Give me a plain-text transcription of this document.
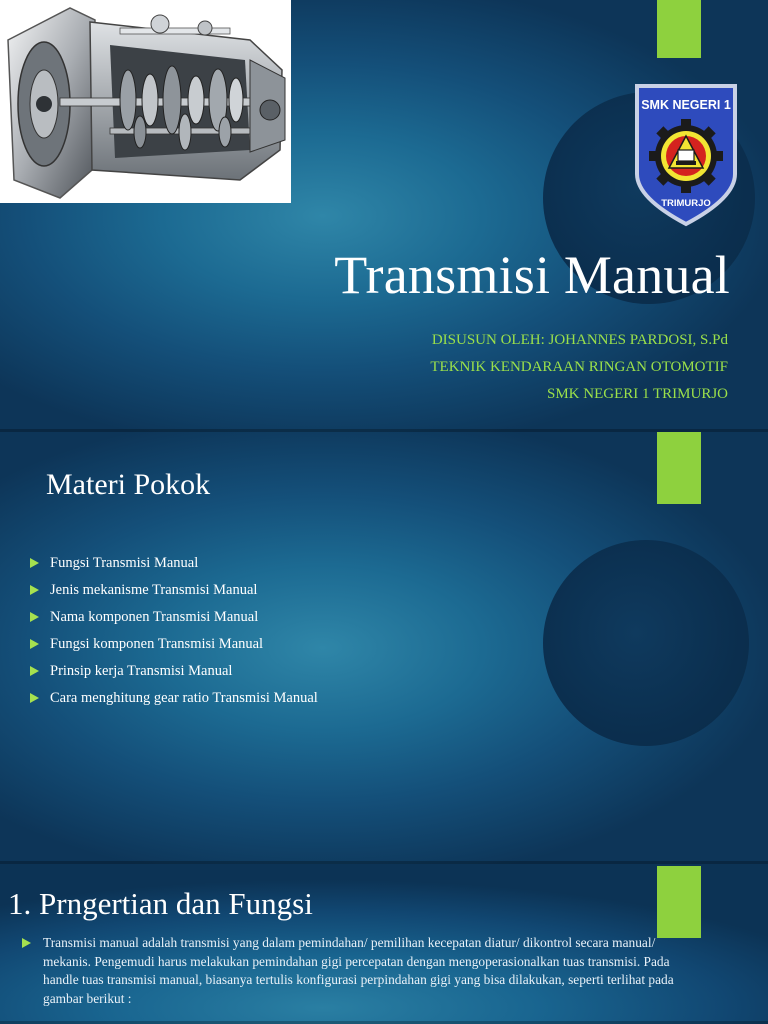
SMK NEGERI 1
TRIMURJO
Transmisi Manual
DISUSUN OLEH: JOHANNES PARDOSI, S.Pd
TEKNIK KENDARAAN RINGAN OTOMOTIF
SMK NEGERI 1 TRIMURJO
Materi Pokok
Fungsi Transmisi Manual
Jenis mekanisme Transmisi Manual
Nama komponen Transmisi Manual
Fungsi komponen Transmisi Manual
Prinsip kerja Transmisi Manual
Cara menghitung gear ratio Transmisi Manual
1. Prngertian dan Fungsi
Transmisi manual adalah transmisi yang dalam pemindahan/ pemilihan kecepatan diatur/ dikontrol secara manual/ mekanis. Pengemudi harus melakukan pemindahan gigi percepatan dengan mengoperasionalkan tuas transmisi. Pada handle tuas transmisi manual, biasanya tertulis konfigurasi perpindahan gigi yang bisa dilakukan, seperti terlihat pada gambar berikut :
